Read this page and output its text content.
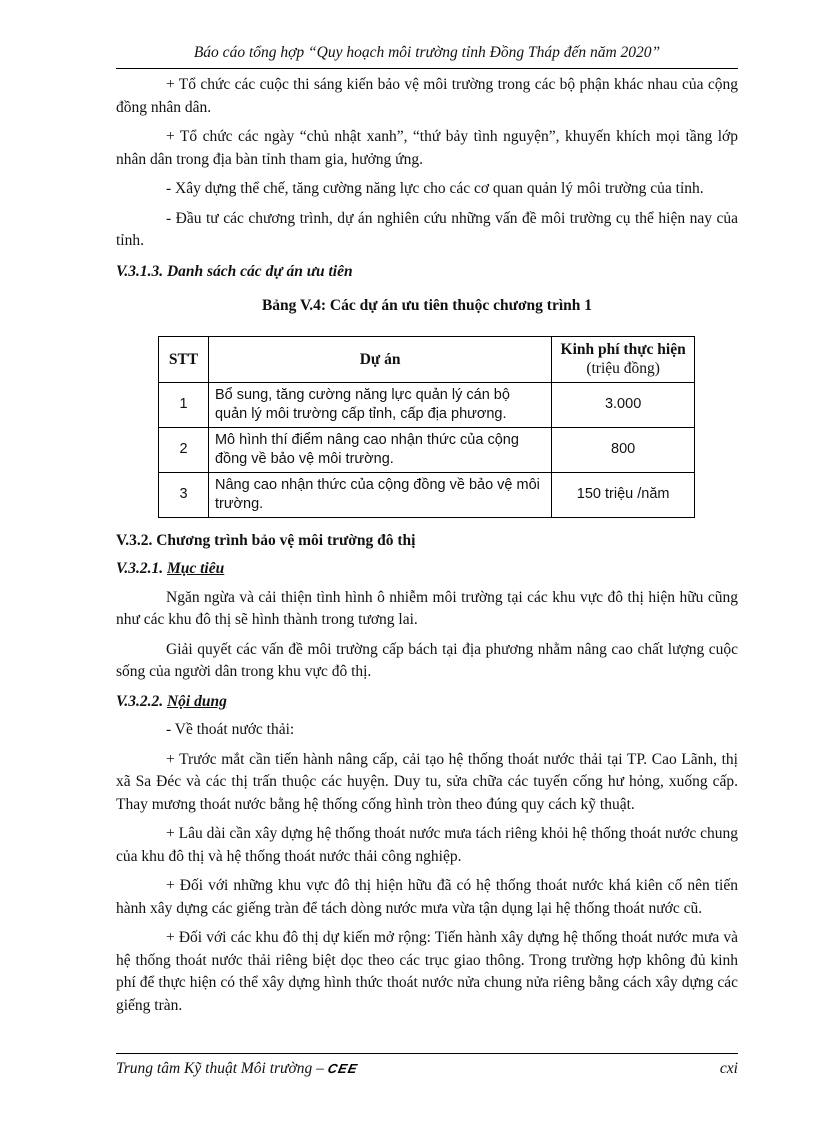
Báo cáo tổng hợp “Quy hoạch môi trường tỉnh Đồng Tháp đến năm 2020”

+ Tổ chức các cuộc thi sáng kiến bảo vệ môi trường trong các bộ phận khác nhau của cộng đồng nhân dân.

+ Tổ chức các ngày “chủ nhật xanh”, “thứ bảy tình nguyện”, khuyến khích mọi tầng lớp nhân dân trong địa bàn tỉnh tham gia, hưởng ứng.

- Xây dựng thể chế, tăng cường năng lực cho các cơ quan quản lý môi trường của tỉnh.

- Đầu tư các chương trình, dự án nghiên cứu những vấn đề môi trường cụ thể hiện nay của tỉnh.

V.3.1.3. Danh sách các dự án ưu tiên

Bảng V.4: Các dự án ưu tiên thuộc chương trình 1

STT	Dự án	Kinh phí thực hiện (triệu đồng)
1	Bổ sung, tăng cường năng lực quản lý cán bộ quản lý môi trường cấp tỉnh, cấp địa phương.	3.000
2	Mô hình thí điểm nâng cao nhận thức của cộng đồng về bảo vệ môi trường.	800
3	Nâng cao nhận thức của cộng đồng về bảo vệ môi trường.	150 triệu /năm

V.3.2. Chương trình bảo vệ môi trường đô thị

V.3.2.1. Mục tiêu

Ngăn ngừa và cải thiện tình hình ô nhiễm môi trường tại các khu vực đô thị hiện hữu cũng như các khu đô thị sẽ hình thành trong tương lai.

Giải quyết các vấn đề môi trường cấp bách tại địa phương nhằm nâng cao chất lượng cuộc sống của người dân trong khu vực đô thị.

V.3.2.2. Nội dung

- Về thoát nước thải:

+ Trước mắt cần tiến hành nâng cấp, cải tạo hệ thống thoát nước thải tại TP. Cao Lãnh, thị xã Sa Đéc và các thị trấn thuộc các huyện. Duy tu, sửa chữa các tuyến cống hư hỏng, xuống cấp. Thay mương thoát nước bằng hệ thống cống hình tròn theo đúng quy cách kỹ thuật.

+ Lâu dài cần xây dựng hệ thống thoát nước mưa tách riêng khỏi hệ thống thoát nước chung của khu đô thị và hệ thống thoát nước thải công nghiệp.

+ Đối với những khu vực đô thị hiện hữu đã có hệ thống thoát nước khá kiên cố nên tiến hành xây dựng các giếng tràn để tách dòng nước mưa vừa tận dụng lại hệ thống thoát nước cũ.

+ Đối với các khu đô thị dự kiến mở rộng: Tiến hành xây dựng hệ thống thoát nước mưa và hệ thống thoát nước thải riêng biệt dọc theo các trục giao thông. Trong trường hợp không đủ kinh phí để thực hiện có thể xây dựng hình thức thoát nước nửa chung nửa riêng bằng cách xây dựng các giếng tràn.

Trung tâm Kỹ thuật Môi trường – CEE	cxi
